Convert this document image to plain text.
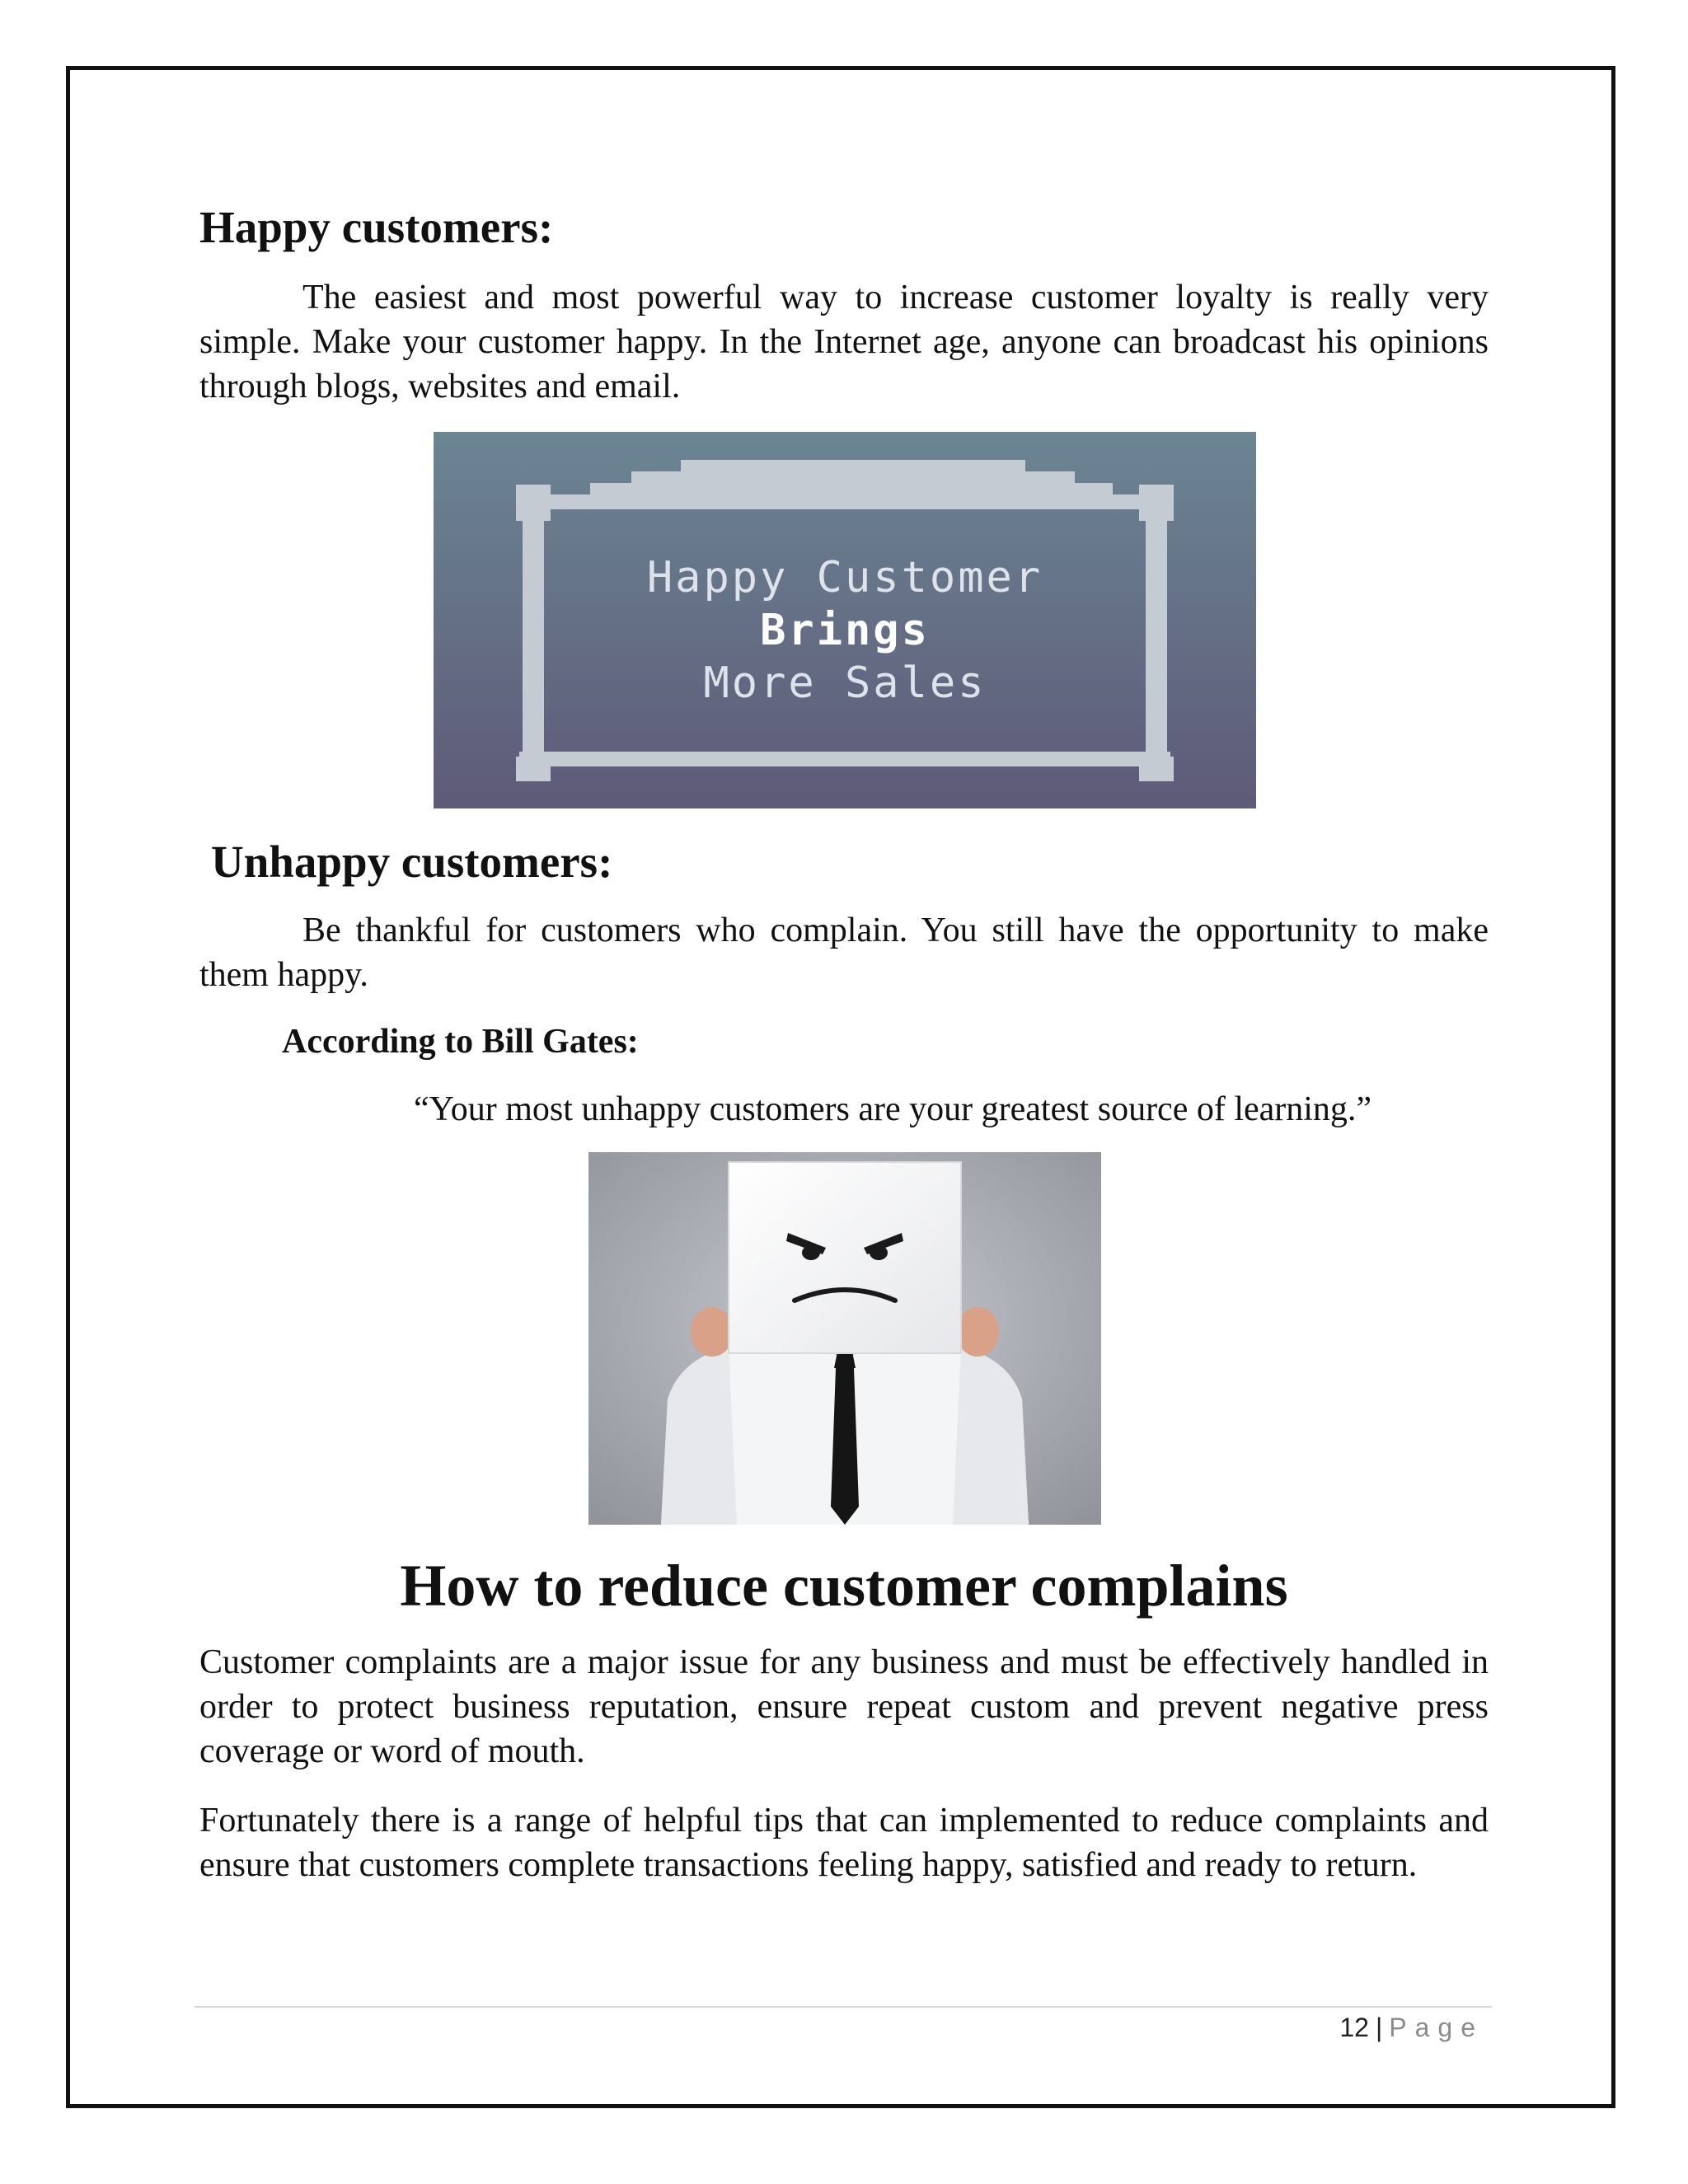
Happy customers:

The easiest and most powerful way to increase customer loyalty is really very simple. Make your customer happy. In the Internet age, anyone can broadcast his opinions through blogs, websites and email.

Happy Customer
Brings
More Sales
Unhappy customers:

Be thankful for customers who complain. You still have the opportunity to make them happy.

According to Bill Gates:

“Your most unhappy customers are your greatest source of learning.”

How to reduce customer complains

Customer complaints are a major issue for any business and must be effectively handled in order to protect business reputation, ensure repeat custom and prevent negative press coverage or word of mouth.

Fortunately there is a range of helpful tips that can implemented to reduce complaints and ensure that customers complete transactions feeling happy, satisfied and ready to return.

12 | Page
